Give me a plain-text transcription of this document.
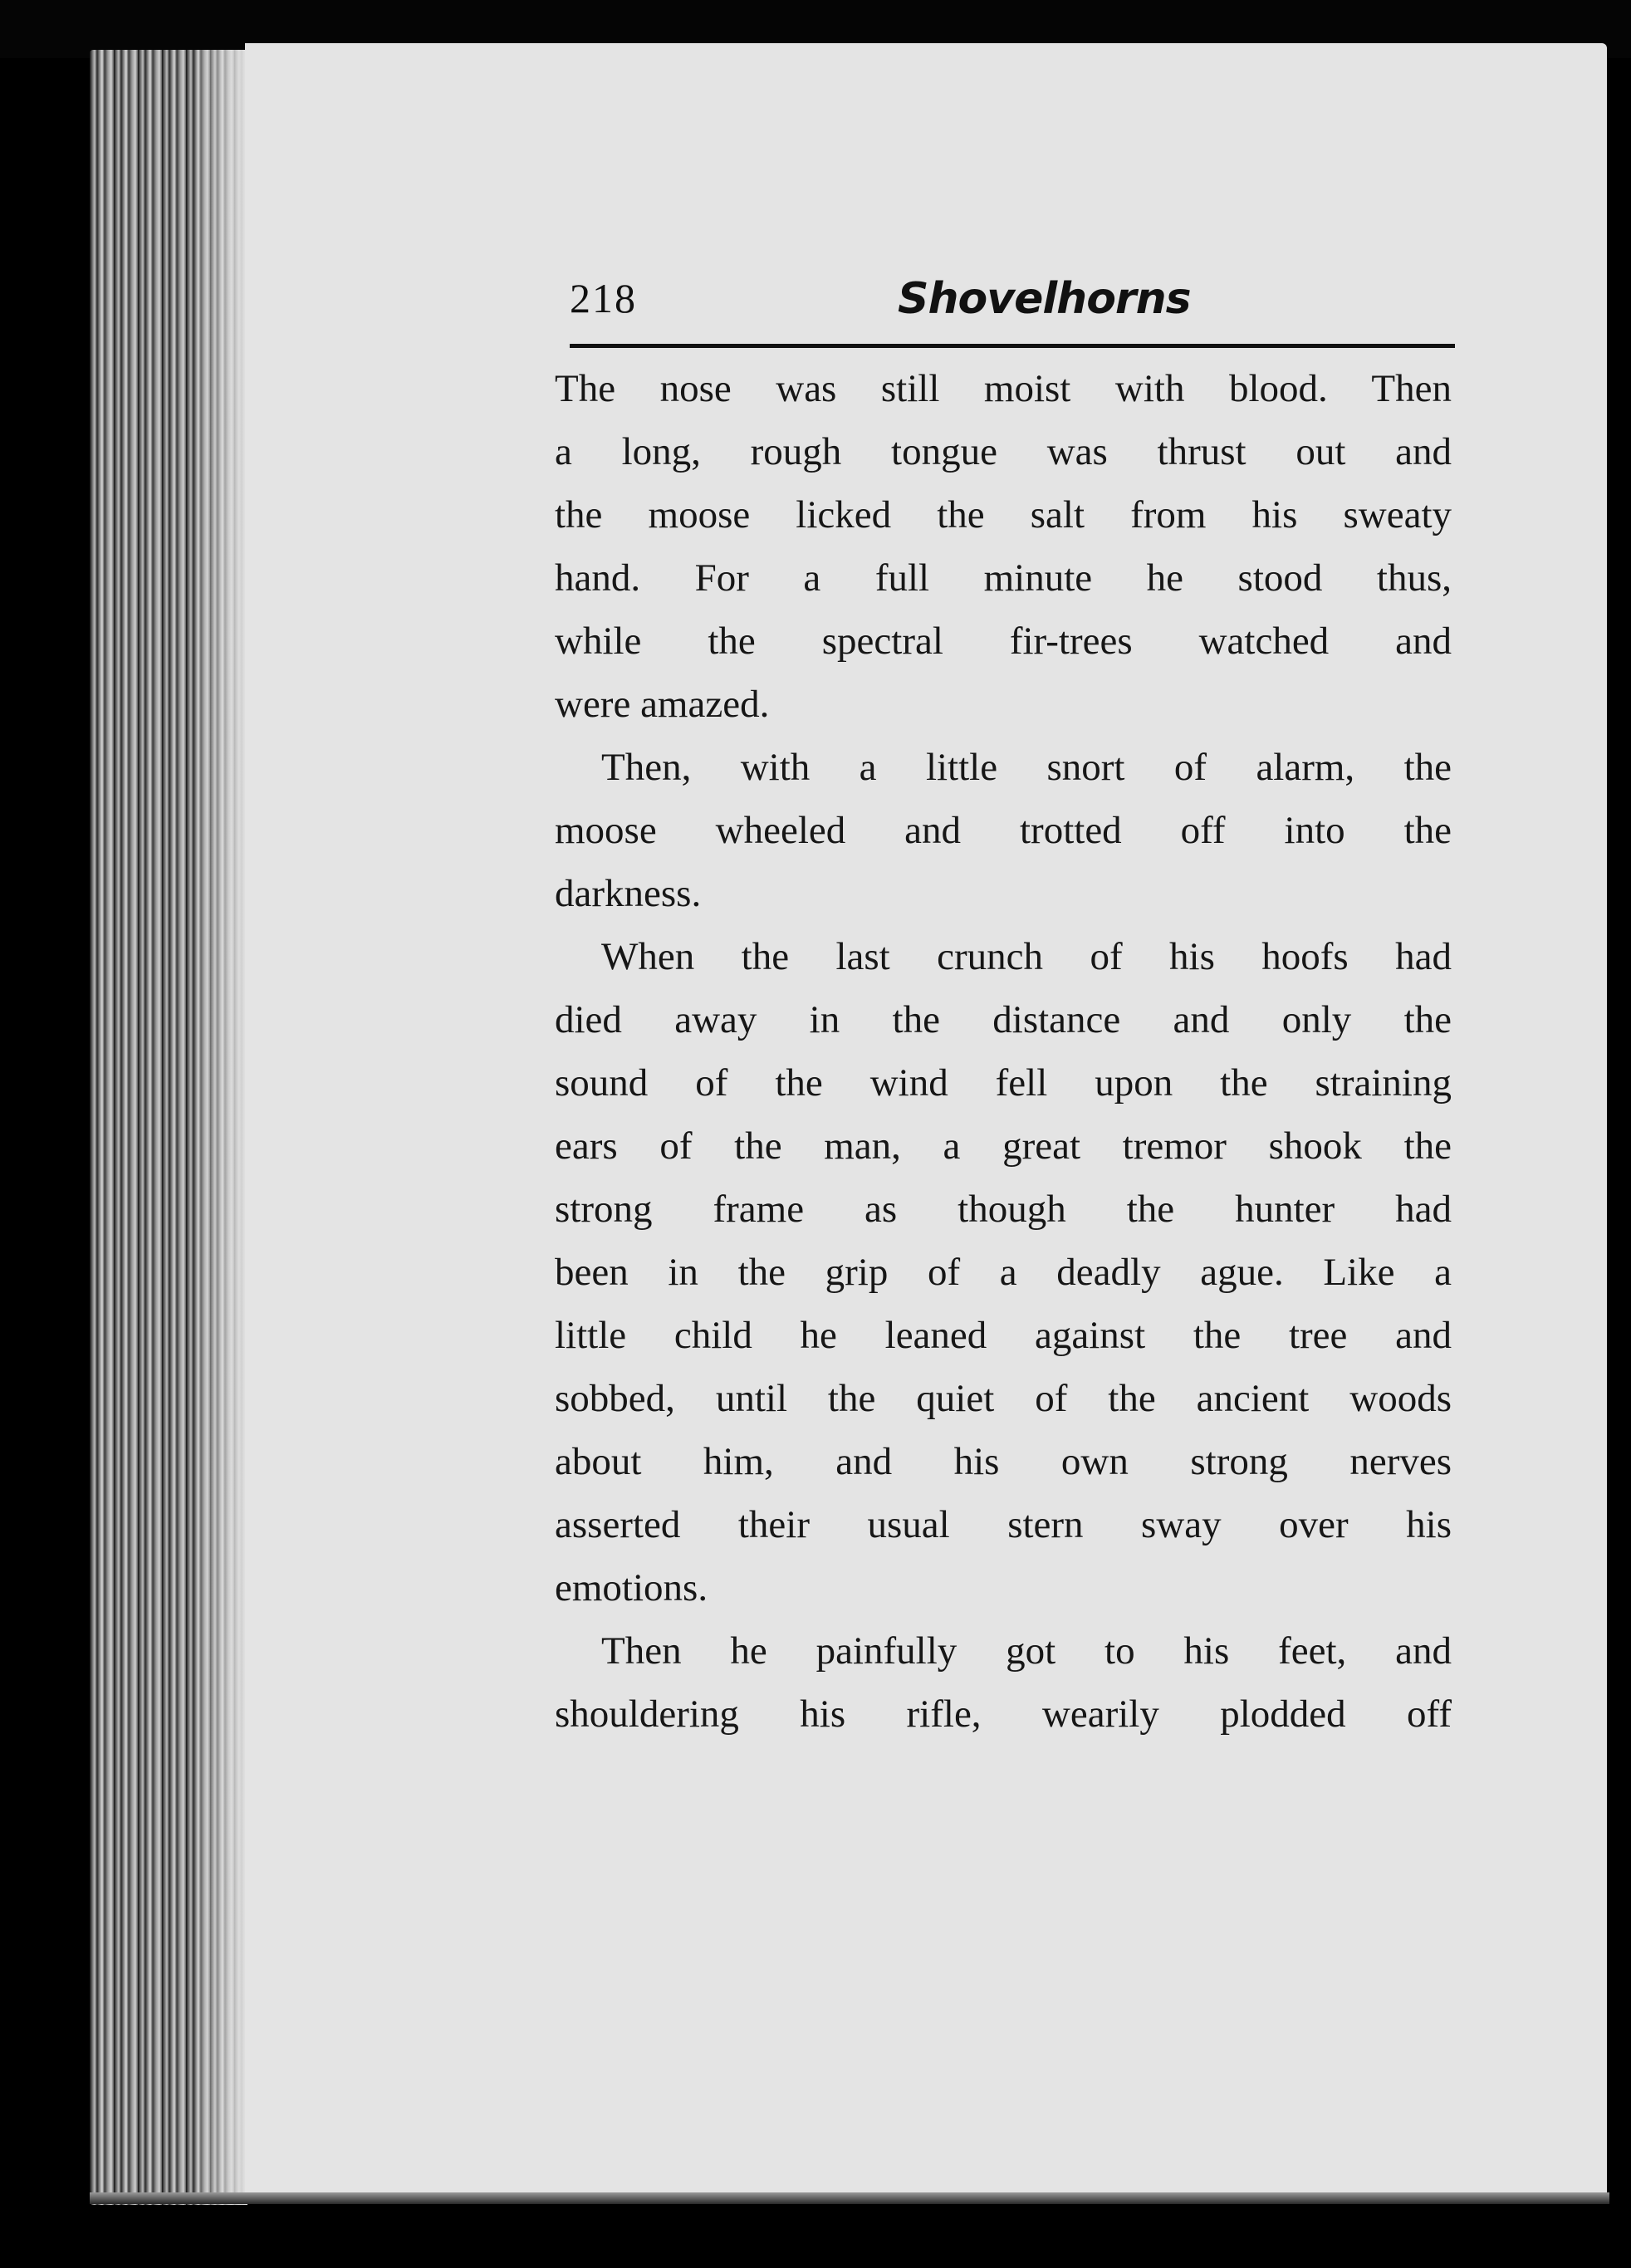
218	Shovelhorns
The nose was still moist with blood. Then
a long, rough tongue was thrust out and
the moose licked the salt from his sweaty
hand. For a full minute he stood thus,
while the spectral fir-trees watched and
were amazed.
Then, with a little snort of alarm, the
moose wheeled and trotted off into the
darkness.
When the last crunch of his hoofs had
died away in the distance and only the
sound of the wind fell upon the straining
ears of the man, a great tremor shook the
strong frame as though the hunter had
been in the grip of a deadly ague. Like a
little child he leaned against the tree and
sobbed, until the quiet of the ancient woods
about him, and his own strong nerves
asserted their usual stern sway over his
emotions.
Then he painfully got to his feet, and
shouldering his rifle, wearily plodded off
